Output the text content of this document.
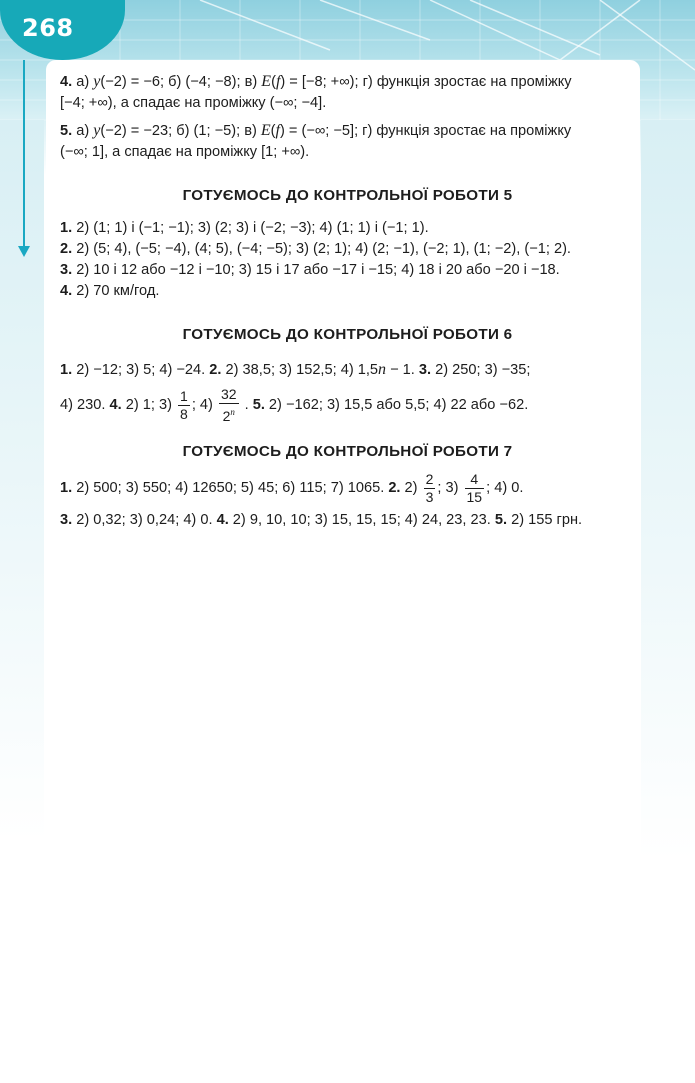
268

4. а) y(−2) = −6; б) (−4; −8); в) E(f) = [−8; +∞); г) функція зростає на проміжку
[−4; +∞), а спадає на проміжку (−∞; −4].

5. а) y(−2) = −23; б) (1; −5); в) E(f) = (−∞; −5]; г) функція зростає на проміжку
(−∞; 1], а спадає на проміжку [1; +∞).

ГОТУЄМОСЬ ДО КОНТРОЛЬНОЇ РОБОТИ 5
1. 2) (1; 1) і (−1; −1); 3) (2; 3) і (−2; −3); 4) (1; 1) і (−1; 1).
2. 2) (5; 4), (−5; −4), (4; 5), (−4; −5); 3) (2; 1); 4) (2; −1), (−2; 1), (1; −2), (−1; 2).
3. 2) 10 і 12 або −12 і −10; 3) 15 і 17 або −17 і −15; 4) 18 і 20 або −20 і −18.
4. 2) 70 км/год.
ГОТУЄМОСЬ ДО КОНТРОЛЬНОЇ РОБОТИ 6
1. 2) −12; 3) 5; 4) −24. 2. 2) 38,5; 3) 152,5; 4) 1,5n − 1. 3. 2) 250; 3) −35;
4) 230. 4. 2) 1; $3) \frac{1}{8}$ ; $4) \frac{32}{2^n}$ . 5. 2) −162; 3) 15,5 або 5,5; 4) 22 або −62.
ГОТУЄМОСЬ ДО КОНТРОЛЬНОЇ РОБОТИ 7
1. 2) 500; 3) 550; 4) 12650; 5) 45; 6) 115; 7) 1065. 2. $2) \frac{2}{3}$ ; $3) \frac{4}{15}$ ; 4) 0.
3. 2) 0,32; 3) 0,24; 4) 0. 4. 2) 9, 10, 10; 3) 15, 15, 15; 4) 24, 23, 23. 5. 2) 155 грн.
